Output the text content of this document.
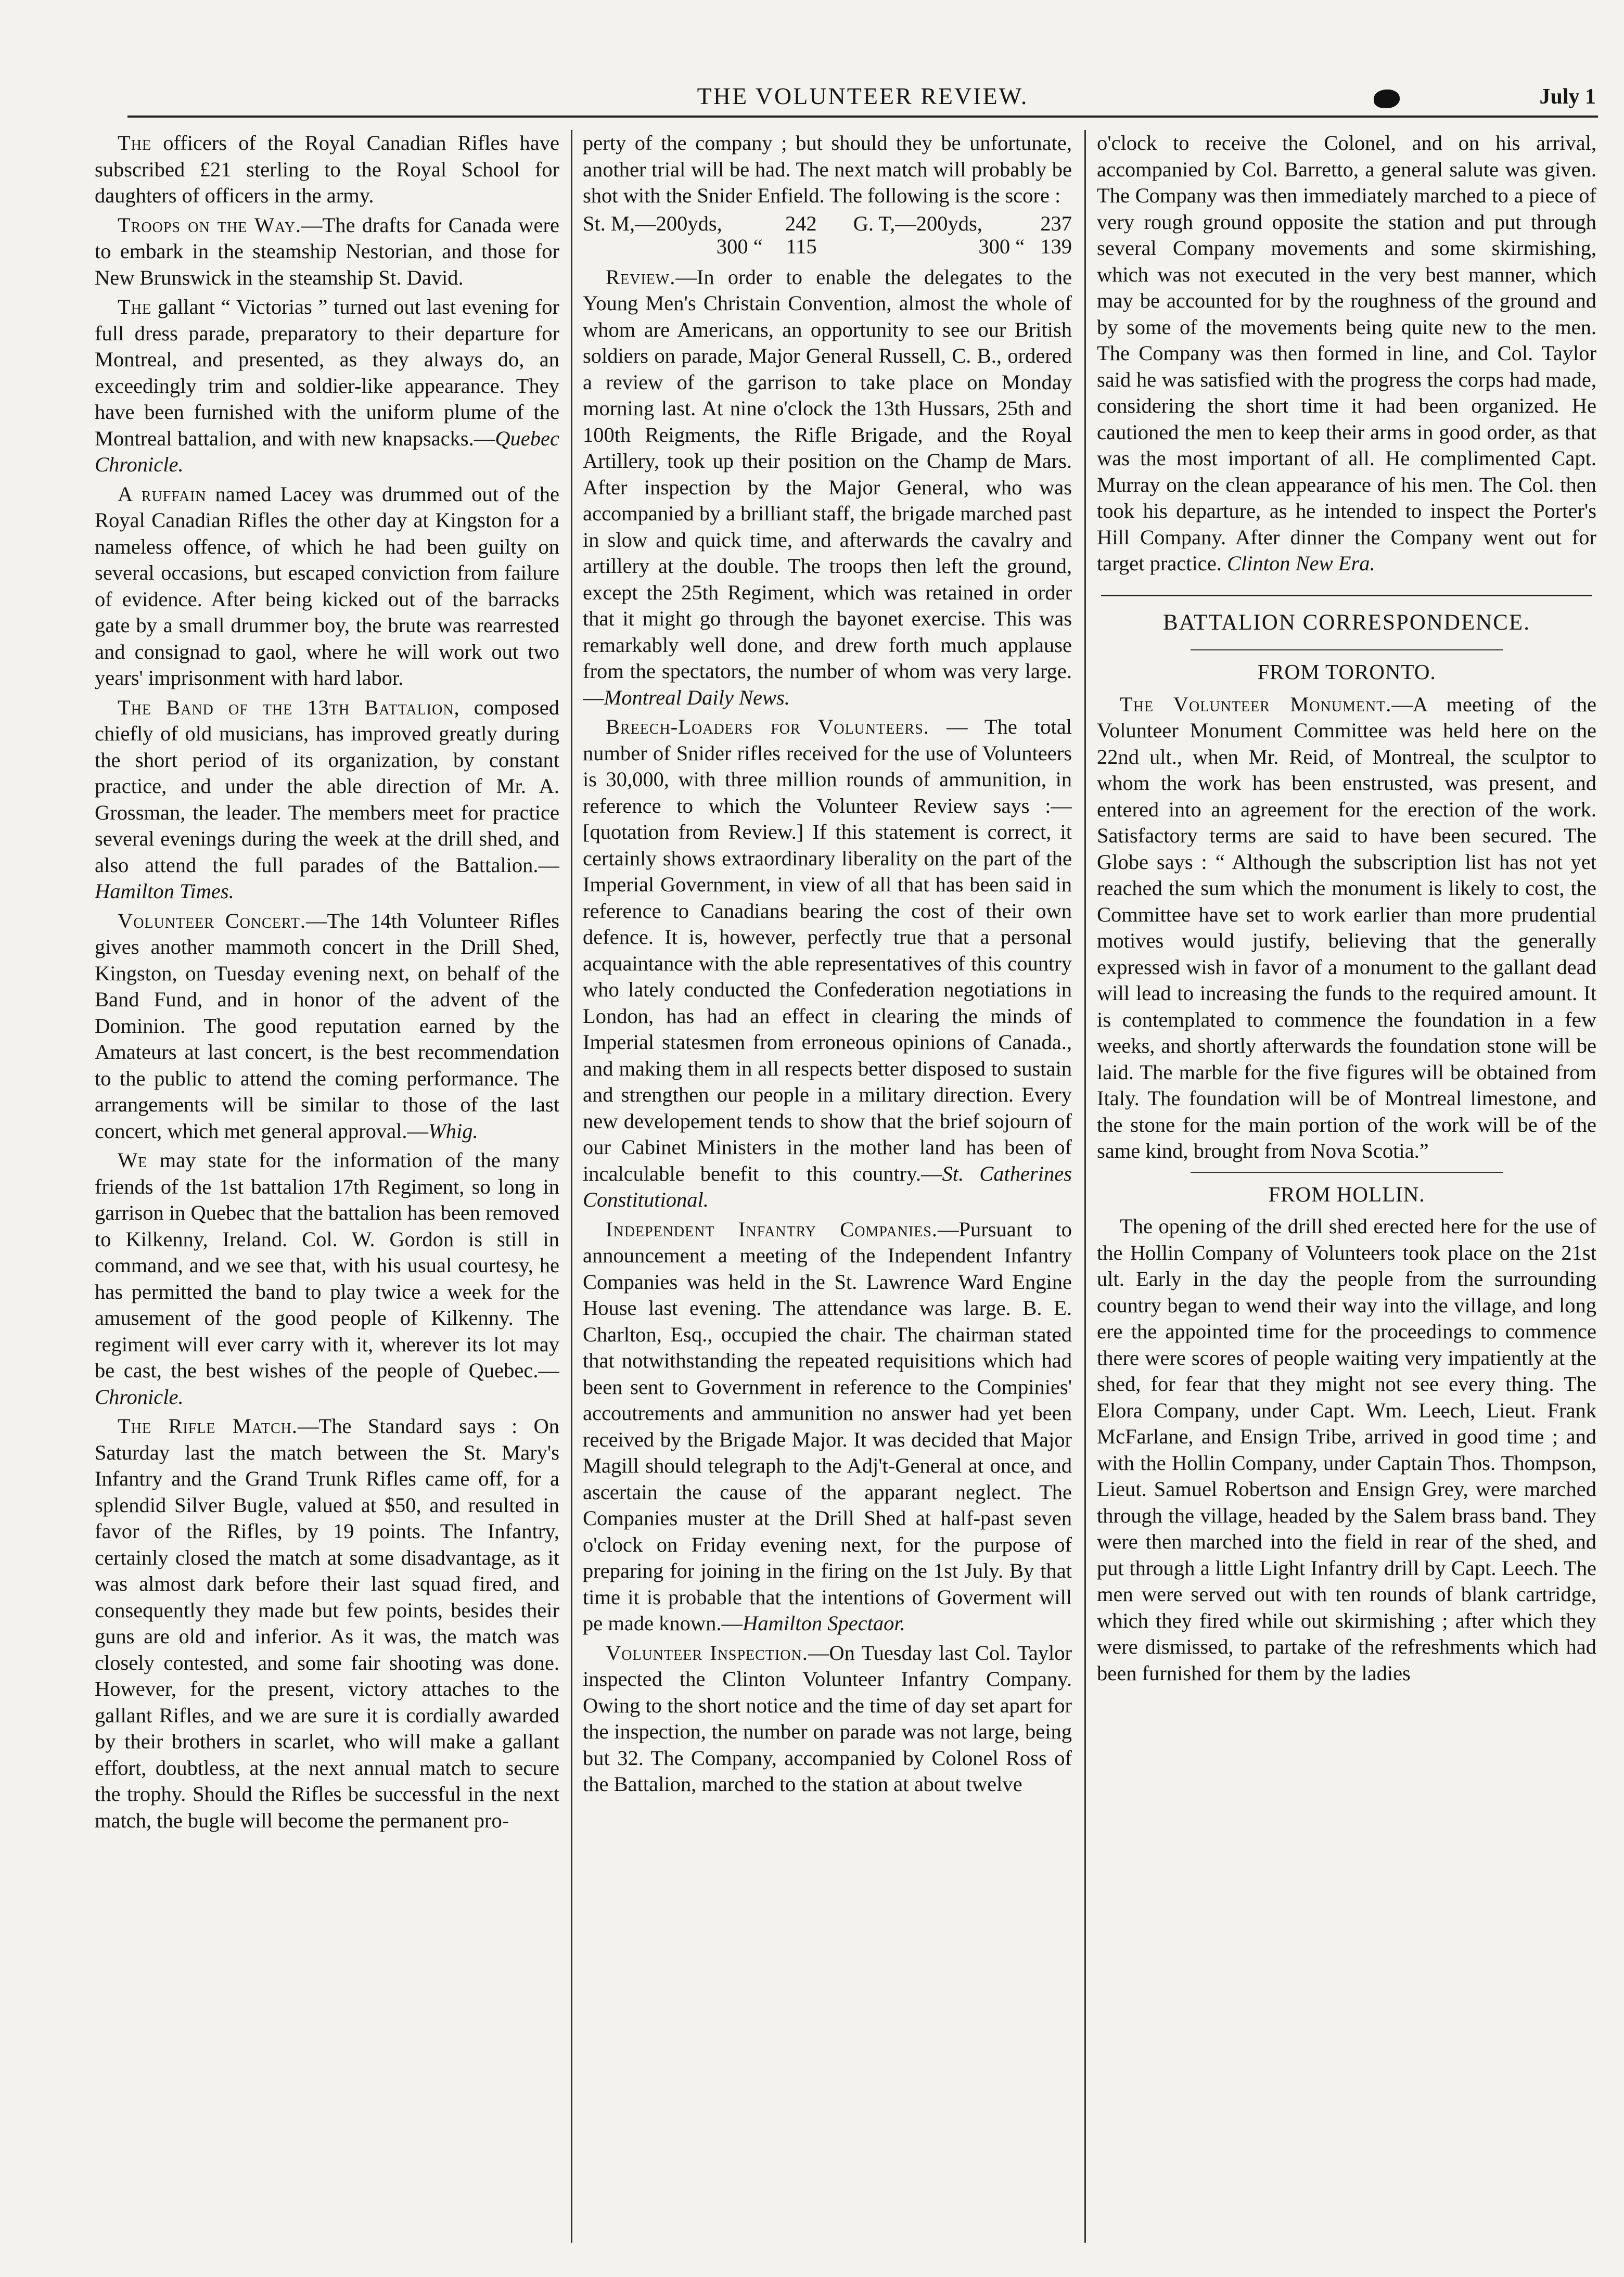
THE VOLUNTEER REVIEW.	July 1

The officers of the Royal Canadian Rifles have subscribed £21 sterling to the Royal School for daughters of officers in the army.

Troops on the Way.—The drafts for Canada were to embark in the steamship Nestorian, and those for New Brunswick in the steamship St. David.

The gallant “ Victorias ” turned out last evening for full dress parade, preparatory to their departure for Montreal, and presented, as they always do, an exceedingly trim and soldier-like appearance. They have been furnished with the uniform plume of the Montreal battalion, and with new knapsacks.—Quebec Chronicle.

A ruffain named Lacey was drummed out of the Royal Canadian Rifles the other day at Kingston for a nameless offence, of which he had been guilty on several occasions, but escaped conviction from failure of evidence. After being kicked out of the barracks gate by a small drummer boy, the brute was rearrested and consignad to gaol, where he will work out two years' imprisonment with hard labor.

The Band of the 13th Battalion, composed chiefly of old musicians, has improved greatly during the short period of its organization, by constant practice, and under the able direction of Mr. A. Grossman, the leader. The members meet for practice several evenings during the week at the drill shed, and also attend the full parades of the Battalion.—Hamilton Times.

Volunteer Concert.—The 14th Volunteer Rifles gives another mammoth concert in the Drill Shed, Kingston, on Tuesday evening next, on behalf of the Band Fund, and in honor of the advent of the Dominion. The good reputation earned by the Amateurs at last concert, is the best recommendation to the public to attend the coming performance. The arrangements will be similar to those of the last concert, which met general approval.—Whig.

We may state for the information of the many friends of the 1st battalion 17th Regiment, so long in garrison in Quebec that the battalion has been removed to Kilkenny, Ireland. Col. W. Gordon is still in command, and we see that, with his usual courtesy, he has permitted the band to play twice a week for the amusement of the good people of Kilkenny. The regiment will ever carry with it, wherever its lot may be cast, the best wishes of the people of Quebec.—Chronicle.

The Rifle Match.—The Standard says : On Saturday last the match between the St. Mary's Infantry and the Grand Trunk Rifles came off, for a splendid Silver Bugle, valued at $50, and resulted in favor of the Rifles, by 19 points. The Infantry, certainly closed the match at some disadvantage, as it was almost dark before their last squad fired, and consequently they made but few points, besides their guns are old and inferior. As it was, the match was closely contested, and some fair shooting was done. However, for the present, victory attaches to the gallant Rifles, and we are sure it is cordially awarded by their brothers in scarlet, who will make a gallant effort, doubtless, at the next annual match to secure the trophy. Should the Rifles be successful in the next match, the bugle will become the permanent pro-

perty of the company ; but should they be unfortunate, another trial will be had. The next match will probably be shot with the Snider Enfield. The following is the score :

St. M,—200yds,	242	G. T,—200yds,	237
300 “	115	300 “	139

Review.—In order to enable the delegates to the Young Men's Christain Convention, almost the whole of whom are Americans, an opportunity to see our British soldiers on parade, Major General Russell, C. B., ordered a review of the garrison to take place on Monday morning last. At nine o'clock the 13th Hussars, 25th and 100th Reigments, the Rifle Brigade, and the Royal Artillery, took up their position on the Champ de Mars. After inspection by the Major General, who was accompanied by a brilliant staff, the brigade marched past in slow and quick time, and afterwards the cavalry and artillery at the double. The troops then left the ground, except the 25th Regiment, which was retained in order that it might go through the bayonet exercise. This was remarkably well done, and drew forth much applause from the spectators, the number of whom was very large.—Montreal Daily News.

Breech-Loaders for Volunteers. — The total number of Snider rifles received for the use of Volunteers is 30,000, with three million rounds of ammunition, in reference to which the Volunteer Review says :—[quotation from Review.] If this statement is correct, it certainly shows extraordinary liberality on the part of the Imperial Government, in view of all that has been said in reference to Canadians bearing the cost of their own defence. It is, however, perfectly true that a personal acquaintance with the able representatives of this country who lately conducted the Confederation negotiations in London, has had an effect in clearing the minds of Imperial statesmen from erroneous opinions of Canada., and making them in all respects better disposed to sustain and strengthen our people in a military direction. Every new developement tends to show that the brief sojourn of our Cabinet Ministers in the mother land has been of incalculable benefit to this country.—St. Catherines Constitutional.

Independent Infantry Companies.—Pursuant to announcement a meeting of the Independent Infantry Companies was held in the St. Lawrence Ward Engine House last evening. The attendance was large. B. E. Charlton, Esq., occupied the chair. The chairman stated that notwithstanding the repeated requisitions which had been sent to Government in reference to the Compinies' accoutrements and ammunition no answer had yet been received by the Brigade Major. It was decided that Major Magill should telegraph to the Adj't-General at once, and ascertain the cause of the apparant neglect. The Companies muster at the Drill Shed at half-past seven o'clock on Friday evening next, for the purpose of preparing for joining in the firing on the 1st July. By that time it is probable that the intentions of Goverment will pe made known.—Hamilton Spectaor.

Volunteer Inspection.—On Tuesday last Col. Taylor inspected the Clinton Volunteer Infantry Company. Owing to the short notice and the time of day set apart for the inspection, the number on parade was not large, being but 32. The Company, accompanied by Colonel Ross of the Battalion, marched to the station at about twelve

o'clock to receive the Colonel, and on his arrival, accompanied by Col. Barretto, a general salute was given. The Company was then immediately marched to a piece of very rough ground opposite the station and put through several Company movements and some skirmishing, which was not executed in the very best manner, which may be accounted for by the roughness of the ground and by some of the movements being quite new to the men. The Company was then formed in line, and Col. Taylor said he was satisfied with the progress the corps had made, considering the short time it had been organized. He cautioned the men to keep their arms in good order, as that was the most important of all. He complimented Capt. Murray on the clean appearance of his men. The Col. then took his departure, as he intended to inspect the Porter's Hill Company. After dinner the Company went out for target practice. Clinton New Era.

BATTALION CORRESPONDENCE.
FROM TORONTO.

The Volunteer Monument.—A meeting of the Volunteer Monument Committee was held here on the 22nd ult., when Mr. Reid, of Montreal, the sculptor to whom the work has been enstrusted, was present, and entered into an agreement for the erection of the work. Satisfactory terms are said to have been secured. The Globe says : “ Although the subscription list has not yet reached the sum which the monument is likely to cost, the Committee have set to work earlier than more prudential motives would justify, believing that the generally expressed wish in favor of a monument to the gallant dead will lead to increasing the funds to the required amount. It is contemplated to commence the foundation in a few weeks, and shortly afterwards the foundation stone will be laid. The marble for the five figures will be obtained from Italy. The foundation will be of Montreal limestone, and the stone for the main portion of the work will be of the same kind, brought from Nova Scotia.”

FROM HOLLIN.

The opening of the drill shed erected here for the use of the Hollin Company of Volunteers took place on the 21st ult. Early in the day the people from the surrounding country began to wend their way into the village, and long ere the appointed time for the proceedings to commence there were scores of people waiting very impatiently at the shed, for fear that they might not see every thing. The Elora Company, under Capt. Wm. Leech, Lieut. Frank McFarlane, and Ensign Tribe, arrived in good time ; and with the Hollin Company, under Captain Thos. Thompson, Lieut. Samuel Robertson and Ensign Grey, were marched through the village, headed by the Salem brass band. They were then marched into the field in rear of the shed, and put through a little Light Infantry drill by Capt. Leech. The men were served out with ten rounds of blank cartridge, which they fired while out skirmishing ; after which they were dismissed, to partake of the refreshments which had been furnished for them by the ladies
